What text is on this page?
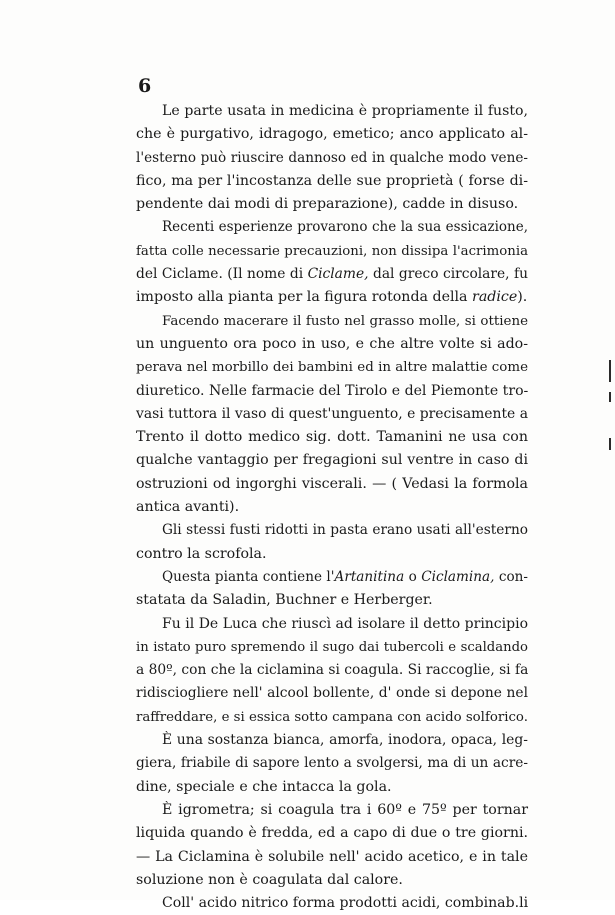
6

Le parte usata in medicina è propriamente il fusto,
che è purgativo, idragogo, emetico; anco applicato al-
l'esterno può riuscire dannoso ed in qualche modo vene-
fico, ma per l'incostanza delle sue proprietà ( forse di-
pendente dai modi di preparazione), cadde in disuso.

Recenti esperienze provarono che la sua essicazione,
fatta colle necessarie precauzioni, non dissipa l'acrimonia
del Ciclame. (Il nome di Ciclame, dal greco circolare, fu
imposto alla pianta per la figura rotonda della radice).

Facendo macerare il fusto nel grasso molle, si ottiene
un unguento ora poco in uso, e che altre volte si ado-
perava nel morbillo dei bambini ed in altre malattie come
diuretico. Nelle farmacie del Tirolo e del Piemonte tro-
vasi tuttora il vaso di quest'unguento, e precisamente a
Trento il dotto medico sig. dott. Tamanini ne usa con
qualche vantaggio per fregagioni sul ventre in caso di
ostruzioni od ingorghi viscerali. — ( Vedasi la formola
antica avanti).

Gli stessi fusti ridotti in pasta erano usati all'esterno
contro la scrofola.

Questa pianta contiene l'Artanitina o Ciclamina, con-
statata da Saladin, Buchner e Herberger.

Fu il De Luca che riuscì ad isolare il detto principio
in istato puro spremendo il sugo dai tubercoli e scaldando
a 80º, con che la ciclamina si coagula. Si raccoglie, si fa
ridisciogliere nell' alcool bollente, d' onde si depone nel
raffreddare, e si essica sotto campana con acido solforico.

È una sostanza bianca, amorfa, inodora, opaca, leg-
giera, friabile di sapore lento a svolgersi, ma di un acre-
dine, speciale e che intacca la gola.

È igrometra; si coagula tra i 60º e 75º per tornar
liquida quando è fredda, ed a capo di due o tre giorni.
— La Ciclamina è solubile nell' acido acetico, e in tale
soluzione non è coagulata dal calore.

Coll' acido nitrico forma prodotti acidi, combinab.li
